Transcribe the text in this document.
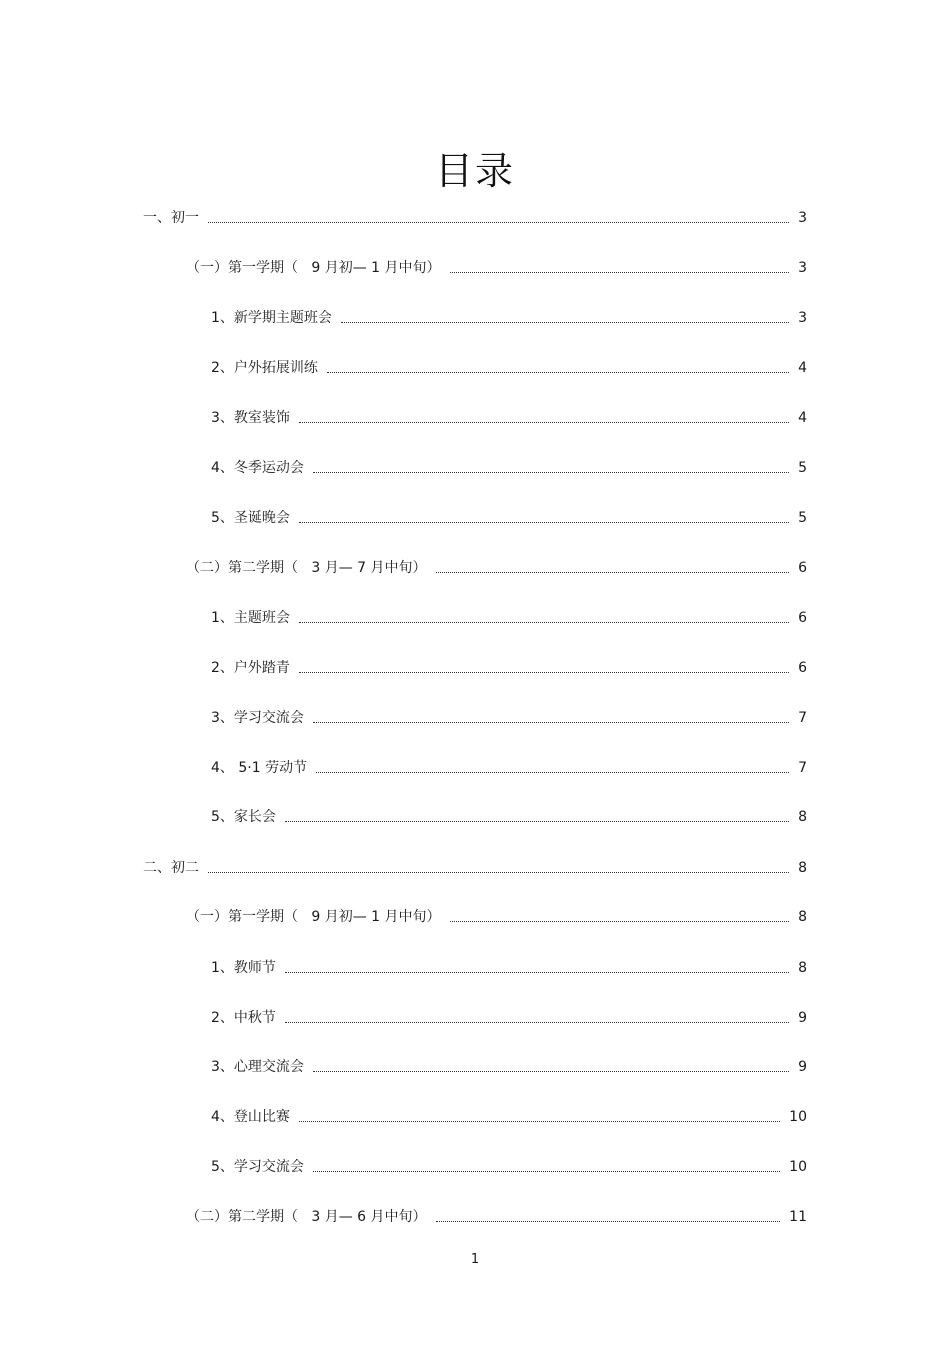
目录
一、初一	3
（一）第一学期（   9 月初— 1 月中旬）	3
1、新学期主题班会	3
2、户外拓展训练	4
3、教室装饰	4
4、冬季运动会	5
5、圣诞晚会	5
（二）第二学期（   3 月— 7 月中旬）	6
1、主题班会	6
2、户外踏青	6
3、学习交流会	7
4、 5·1 劳动节	7
5、家长会	8
二、初二	8
（一）第一学期（   9 月初— 1 月中旬）	8
1、教师节	8
2、中秋节	9
3、心理交流会	9
4、登山比赛	10
5、学习交流会	10
（二）第二学期（   3 月— 6 月中旬）	11
1
